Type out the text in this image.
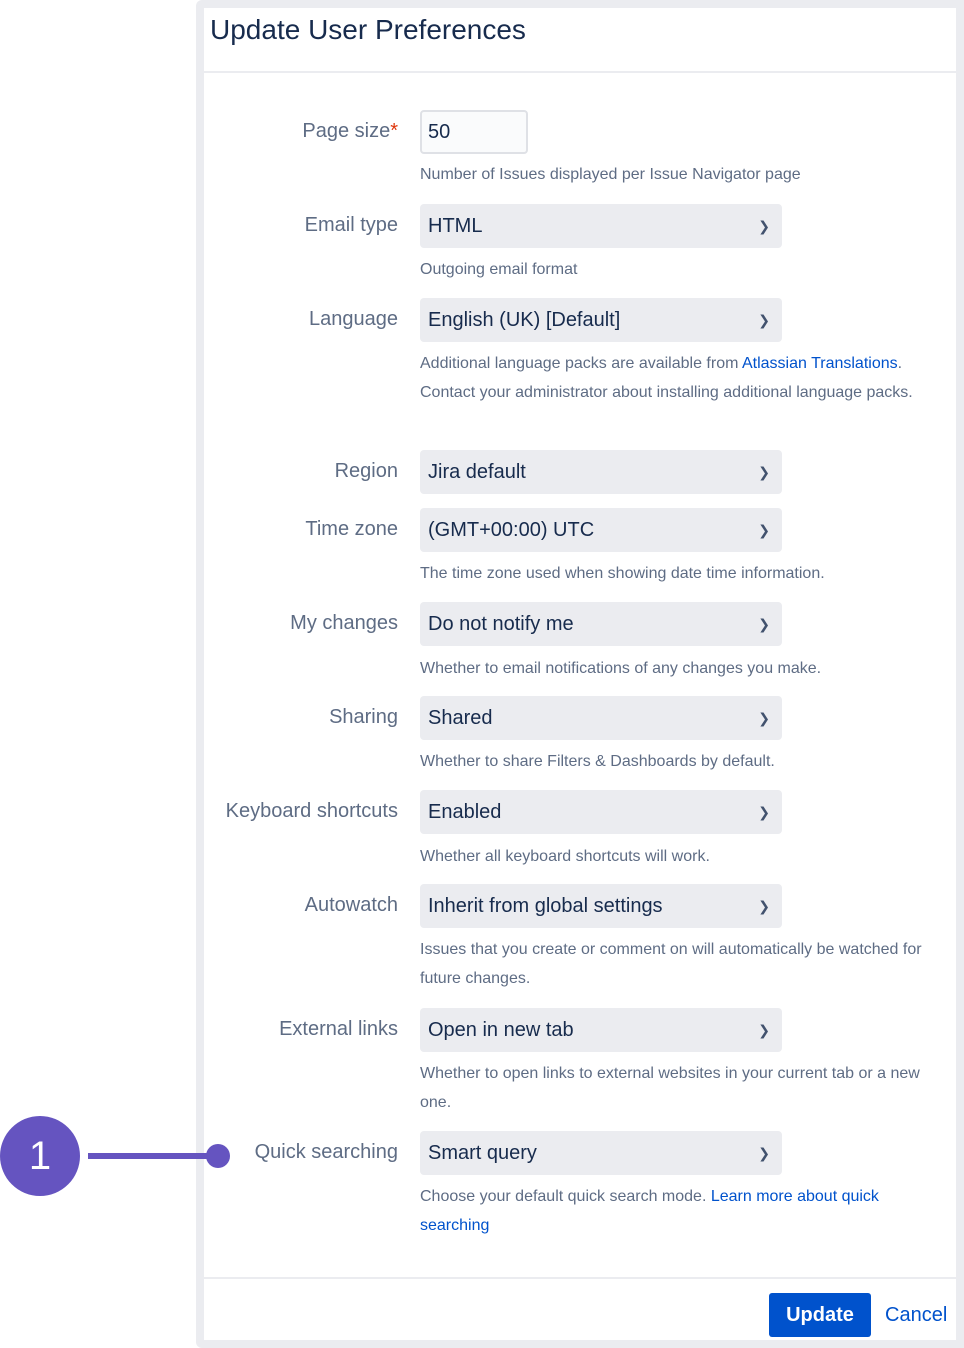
Update User Preferences
Page size*	50
Number of Issues displayed per Issue Navigator page
Email type	HTML	❯
Outgoing email format
Language	English (UK) [Default]	❯
Additional language packs are available from Atlassian Translations. Contact your administrator about installing additional language packs.
Region	Jira default	❯
Time zone	(GMT+00:00) UTC	❯
The time zone used when showing date time information.
My changes	Do not notify me	❯
Whether to email notifications of any changes you make.
Sharing	Shared	❯
Whether to share Filters & Dashboards by default.
Keyboard shortcuts	Enabled	❯
Whether all keyboard shortcuts will work.
Autowatch	Inherit from global settings	❯
Issues that you create or comment on will automatically be watched for future changes.
External links	Open in new tab	❯
Whether to open links to external websites in your current tab or a new one.
Quick searching	Smart query	❯
Choose your default quick search mode. Learn more about quick searching
Update	Cancel
1
